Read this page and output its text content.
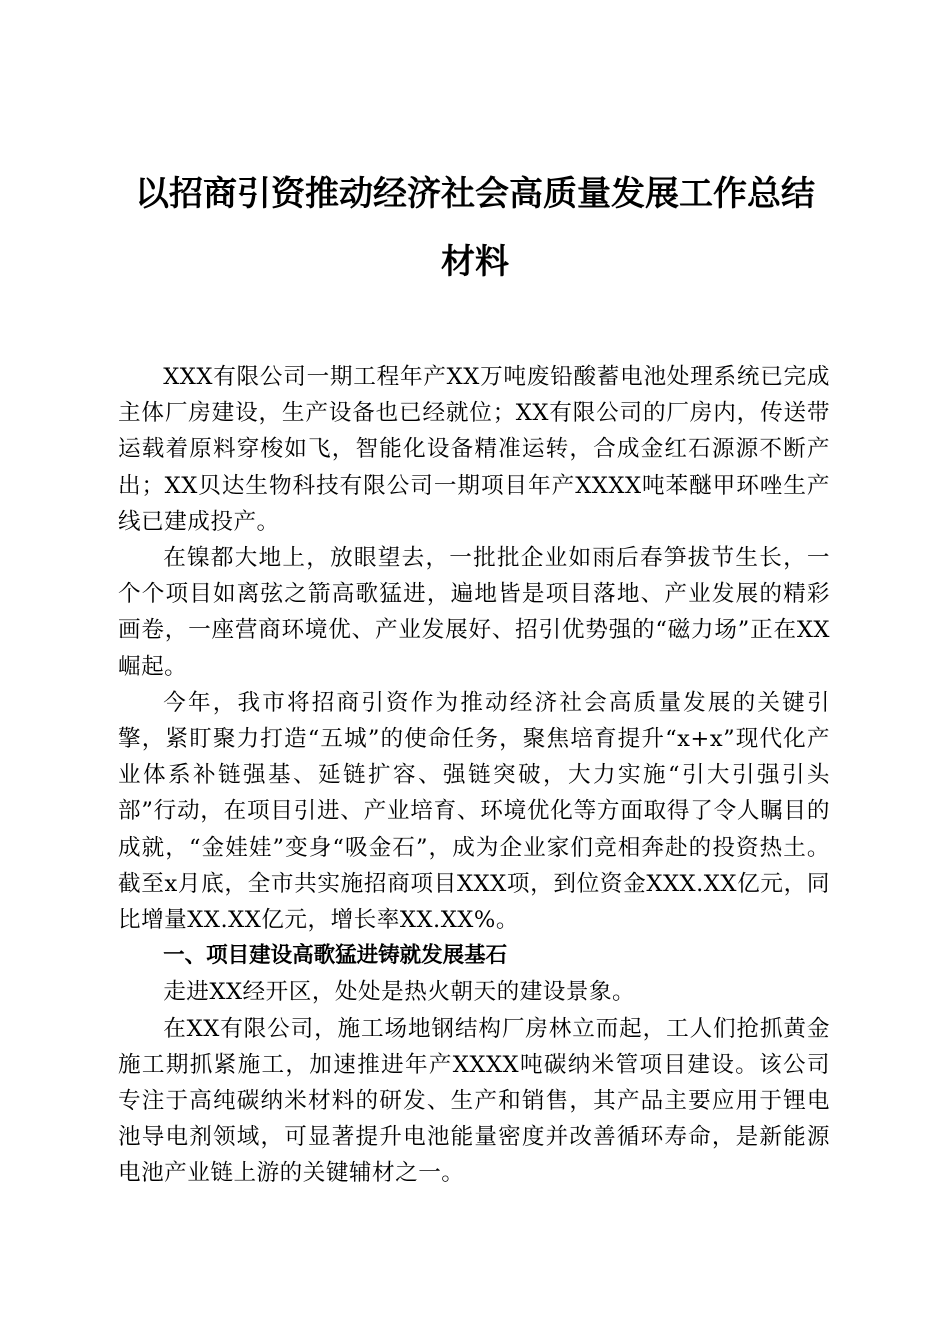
以招商引资推动经济社会高质量发展工作总结
材料

XXX有限公司一期工程年产XX万吨废铅酸蓄电池处理系统已完成主体厂房建设，生产设备也已经就位；XX有限公司的厂房内，传送带运载着原料穿梭如飞，智能化设备精准运转，合成金红石源源不断产出；XX贝达生物科技有限公司一期项目年产XXXX吨苯醚甲环唑生产线已建成投产。

在镍都大地上，放眼望去，一批批企业如雨后春笋拔节生长，一个个项目如离弦之箭高歌猛进，遍地皆是项目落地、产业发展的精彩画卷，一座营商环境优、产业发展好、招引优势强的“磁力场”正在XX崛起。

今年，我市将招商引资作为推动经济社会高质量发展的关键引擎，紧盯聚力打造“五城”的使命任务，聚焦培育提升“x+x”现代化产业体系补链强基、延链扩容、强链突破，大力实施“引大引强引头部”行动，在项目引进、产业培育、环境优化等方面取得了令人瞩目的成就，“金娃娃”变身“吸金石”，成为企业家们竞相奔赴的投资热土。截至x月底，全市共实施招商项目XXX项，到位资金XXX.XX亿元，同比增量XX.XX亿元，增长率XX.XX%。

一、项目建设高歌猛进铸就发展基石

走进XX经开区，处处是热火朝天的建设景象。

在XX有限公司，施工场地钢结构厂房林立而起，工人们抢抓黄金施工期抓紧施工，加速推进年产XXXX吨碳纳米管项目建设。该公司专注于高纯碳纳米材料的研发、生产和销售，其产品主要应用于锂电池导电剂领域，可显著提升电池能量密度并改善循环寿命，是新能源电池产业链上游的关键辅材之一。
